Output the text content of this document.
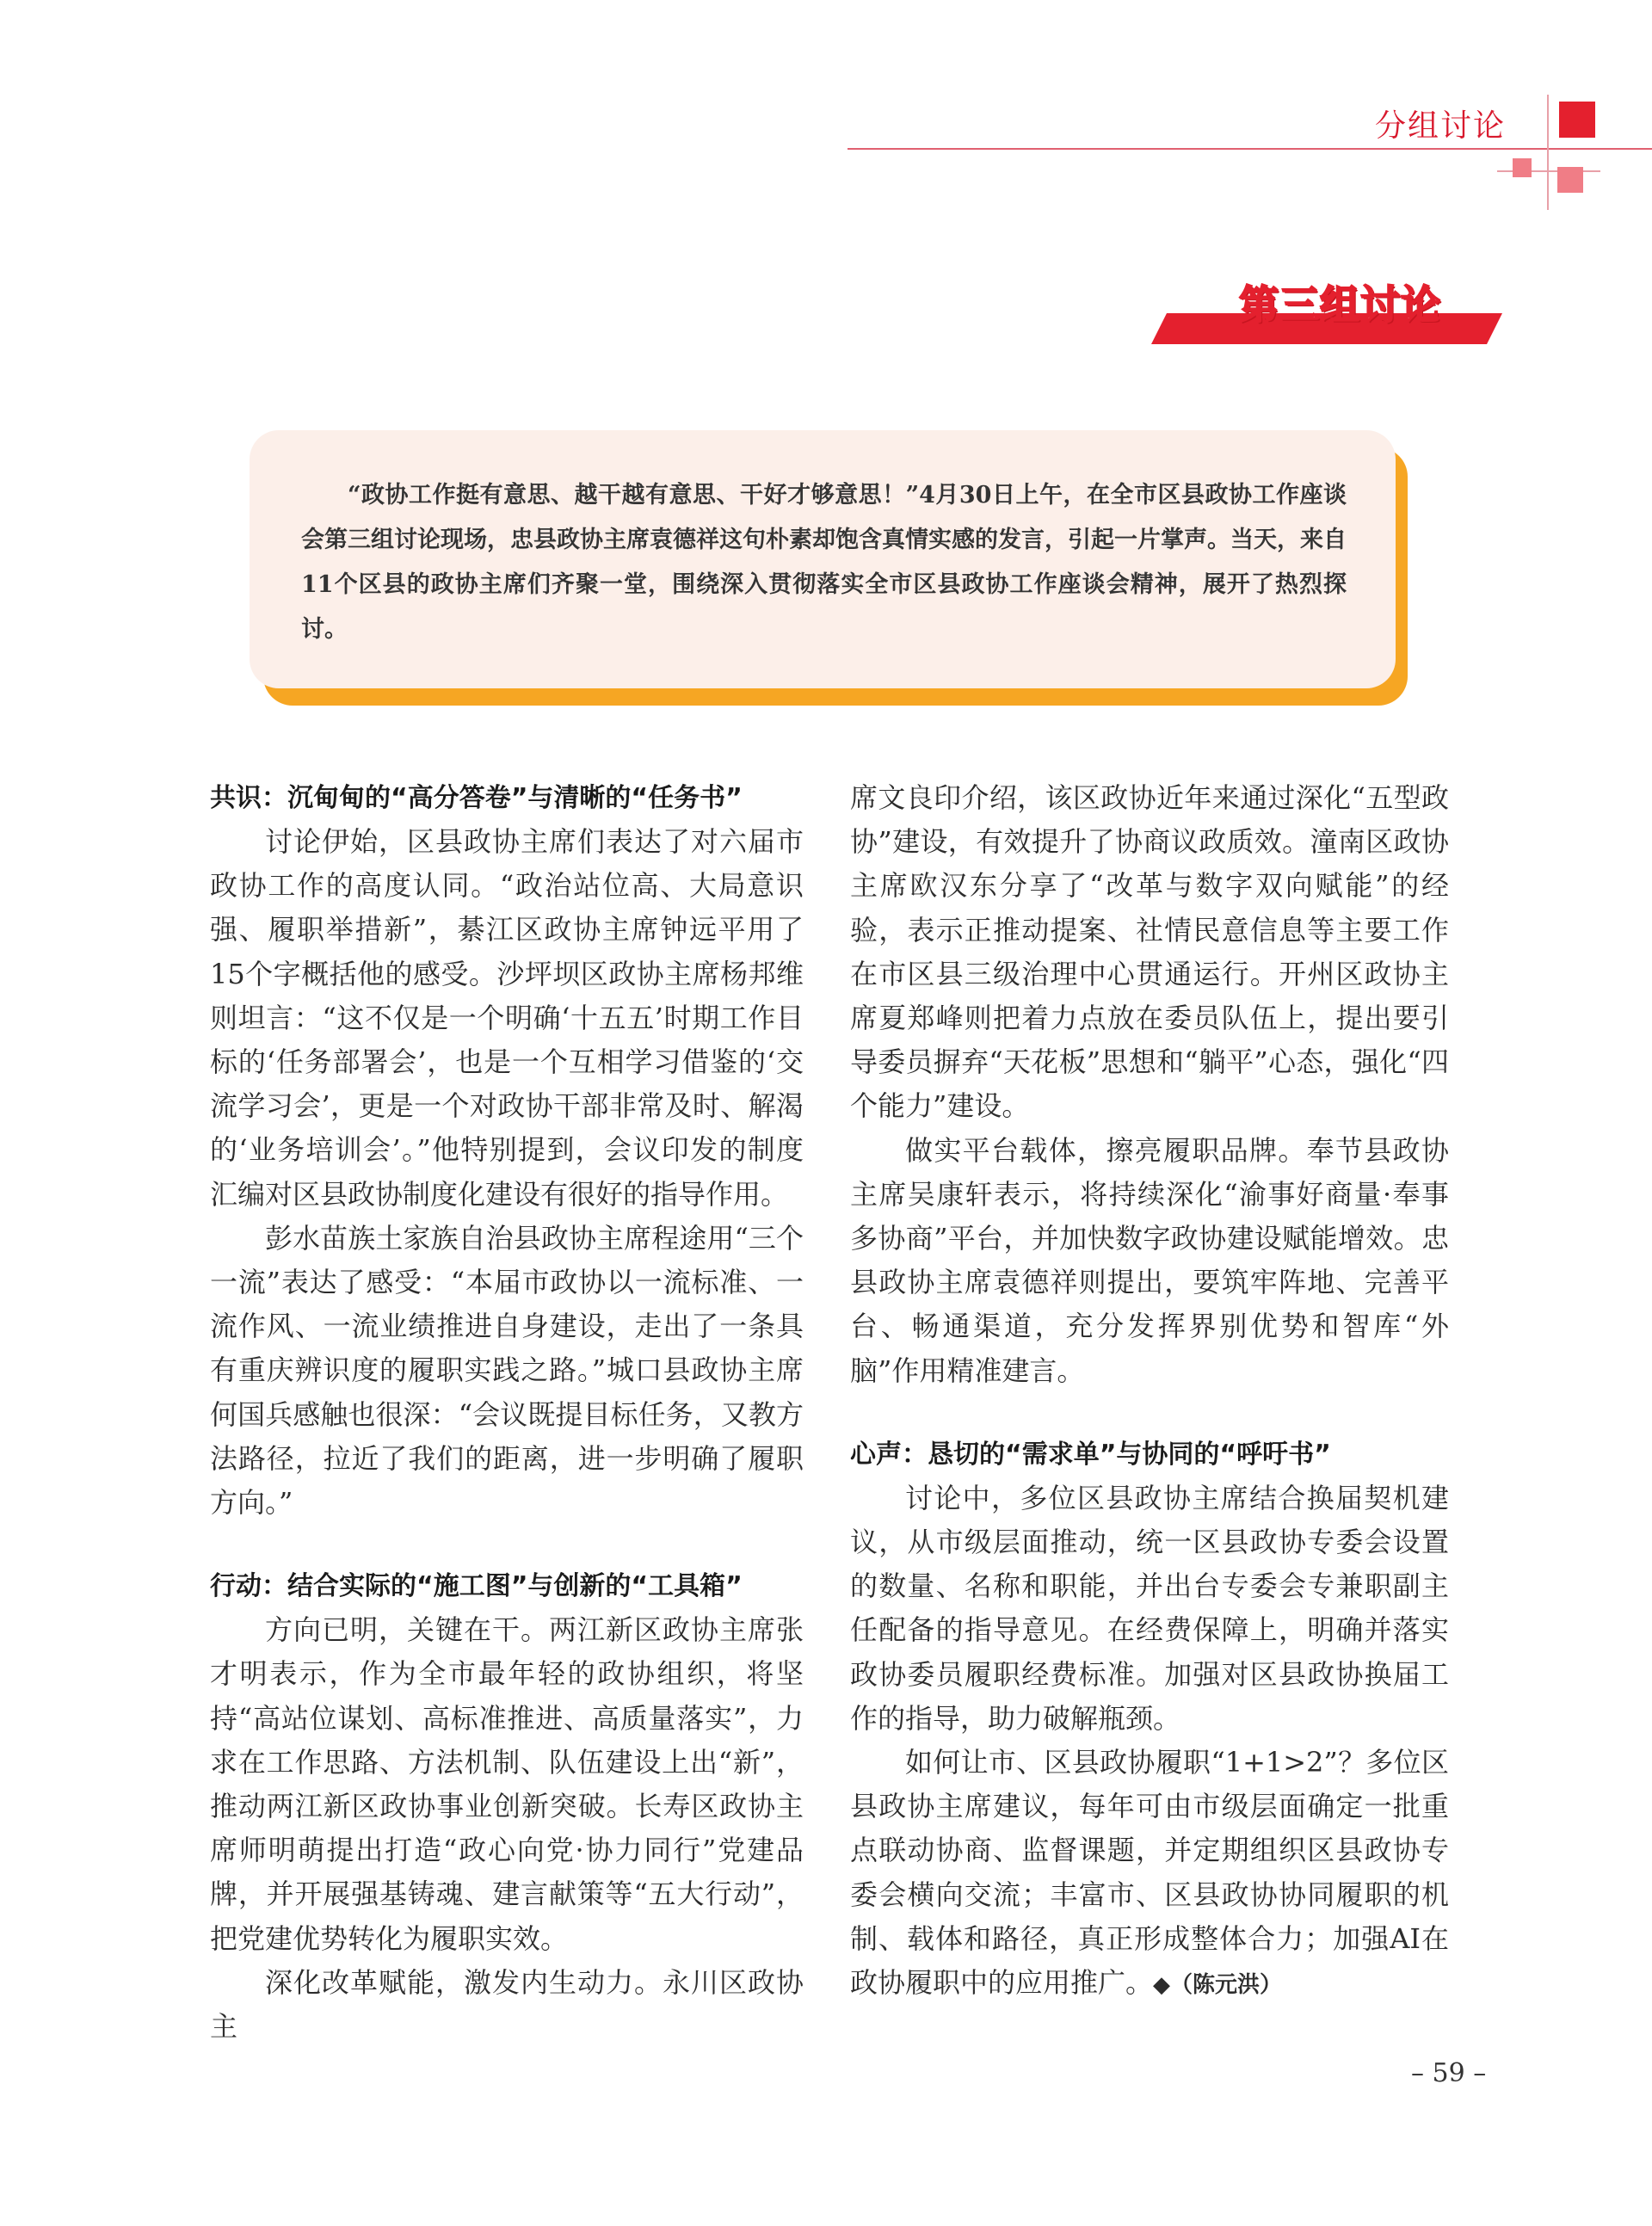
分组讨论
第三组讨论
“政协工作挺有意思、越干越有意思、干好才够意思！”4月30日上午，在全市区县政协工作座谈会第三组讨论现场，忠县政协主席袁德祥这句朴素却饱含真情实感的发言，引起一片掌声。当天，来自11个区县的政协主席们齐聚一堂，围绕深入贯彻落实全市区县政协工作座谈会精神，展开了热烈探讨。
共识：沉甸甸的“高分答卷”与清晰的“任务书”

讨论伊始，区县政协主席们表达了对六届市政协工作的高度认同。“政治站位高、大局意识强、履职举措新”，綦江区政协主席钟远平用了15个字概括他的感受。沙坪坝区政协主席杨邦维则坦言：“这不仅是一个明确‘十五五’时期工作目标的‘任务部署会’，也是一个互相学习借鉴的‘交流学习会’，更是一个对政协干部非常及时、解渴的‘业务培训会’。”他特别提到，会议印发的制度汇编对区县政协制度化建设有很好的指导作用。

彭水苗族土家族自治县政协主席程途用“三个一流”表达了感受：“本届市政协以一流标准、一流作风、一流业绩推进自身建设，走出了一条具有重庆辨识度的履职实践之路。”城口县政协主席何国兵感触也很深：“会议既提目标任务，又教方法路径，拉近了我们的距离，进一步明确了履职方向。”

行动：结合实际的“施工图”与创新的“工具箱”

方向已明，关键在干。两江新区政协主席张才明表示，作为全市最年轻的政协组织，将坚持“高站位谋划、高标准推进、高质量落实”，力求在工作思路、方法机制、队伍建设上出“新”，推动两江新区政协事业创新突破。长寿区政协主席师明萌提出打造“政心向党·协力同行”党建品牌，并开展强基铸魂、建言献策等“五大行动”，把党建优势转化为履职实效。

深化改革赋能，激发内生动力。永川区政协主

席文良印介绍，该区政协近年来通过深化“五型政协”建设，有效提升了协商议政质效。潼南区政协主席欧汉东分享了“改革与数字双向赋能”的经验，表示正推动提案、社情民意信息等主要工作在市区县三级治理中心贯通运行。开州区政协主席夏郑峰则把着力点放在委员队伍上，提出要引导委员摒弃“天花板”思想和“躺平”心态，强化“四个能力”建设。

做实平台载体，擦亮履职品牌。奉节县政协主席吴康轩表示，将持续深化“渝事好商量·奉事多协商”平台，并加快数字政协建设赋能增效。忠县政协主席袁德祥则提出，要筑牢阵地、完善平台、畅通渠道，充分发挥界别优势和智库“外脑”作用精准建言。

心声：恳切的“需求单”与协同的“呼吁书”

讨论中，多位区县政协主席结合换届契机建议，从市级层面推动，统一区县政协专委会设置的数量、名称和职能，并出台专委会专兼职副主任配备的指导意见。在经费保障上，明确并落实政协委员履职经费标准。加强对区县政协换届工作的指导，助力破解瓶颈。

如何让市、区县政协履职“1+1>2”？多位区县政协主席建议，每年可由市级层面确定一批重点联动协商、监督课题，并定期组织区县政协专委会横向交流；丰富市、区县政协协同履职的机制、载体和路径，真正形成整体合力；加强AI在政协履职中的应用推广。◆（陈元洪）

– 59 –
